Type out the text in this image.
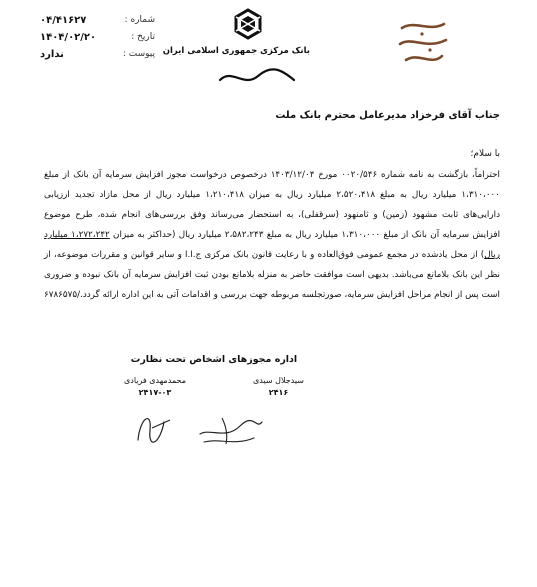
۰۴/۴۱۶۲۷	شماره :
۱۴۰۴/۰۲/۲۰	تاریخ :
ندارد	پیوست : بانک مرکزی جمهوری اسلامی ایران

جناب آقای فرخزاد مدیرعامل محترم بانک ملت

با سلام؛

احتراماً، بازگشت به نامه شماره ۰۰۲۰/۵۴۶ مورخ ۱۴۰۳/۱۲/۰۴ درخصوص درخواست مجوز افزایش سرمایه آن بانک از مبلغ ۱،۳۱۰،۰۰۰ میلیارد ریال به مبلغ ۲،۵۲۰،۴۱۸ میلیارد ریال به میزان ۱،۲۱۰،۴۱۸ میلیارد ریال از محل مازاد تجدید ارزیابی دارایی‌های ثابت مشهود (زمین) و ثامنهود (سرقفلی)، به استحضار می‌رساند وفق بررسی‌های انجام شده، طرح موضوع افزایش سرمایه آن بانک از مبلغ ۱،۳۱۰،۰۰۰ میلیارد ریال به مبلغ ۲،۵۸۲،۲۴۳ میلیارد ریال (حداکثر به میزان ۱،۲۷۲،۲۴۲ میلیارد ریال) از محل یادشده در مجمع عمومی فوق‌العاده و با رعایت قانون بانک مرکزی ج.ا.ا و سایر قوانین و مقررات موضوعه، از نظر این بانک بلامانع می‌باشد. بدیهی است موافقت حاضر به منزله بلامانع بودن ثبت افزایش سرمایه آن بانک نبوده و ضروری است پس از انجام مراحل افزایش سرمایه، صورتجلسه مربوطه جهت بررسی و اقدامات آتی به این اداره ارائه گردد./۶۷۸۶۵۷۵

اداره مجوزهای اشخاص تحت نظارت
سیدجلال سیدی
۲۴۱۶
محمدمهدی فریادی
۲۴۱۷-۰۳
